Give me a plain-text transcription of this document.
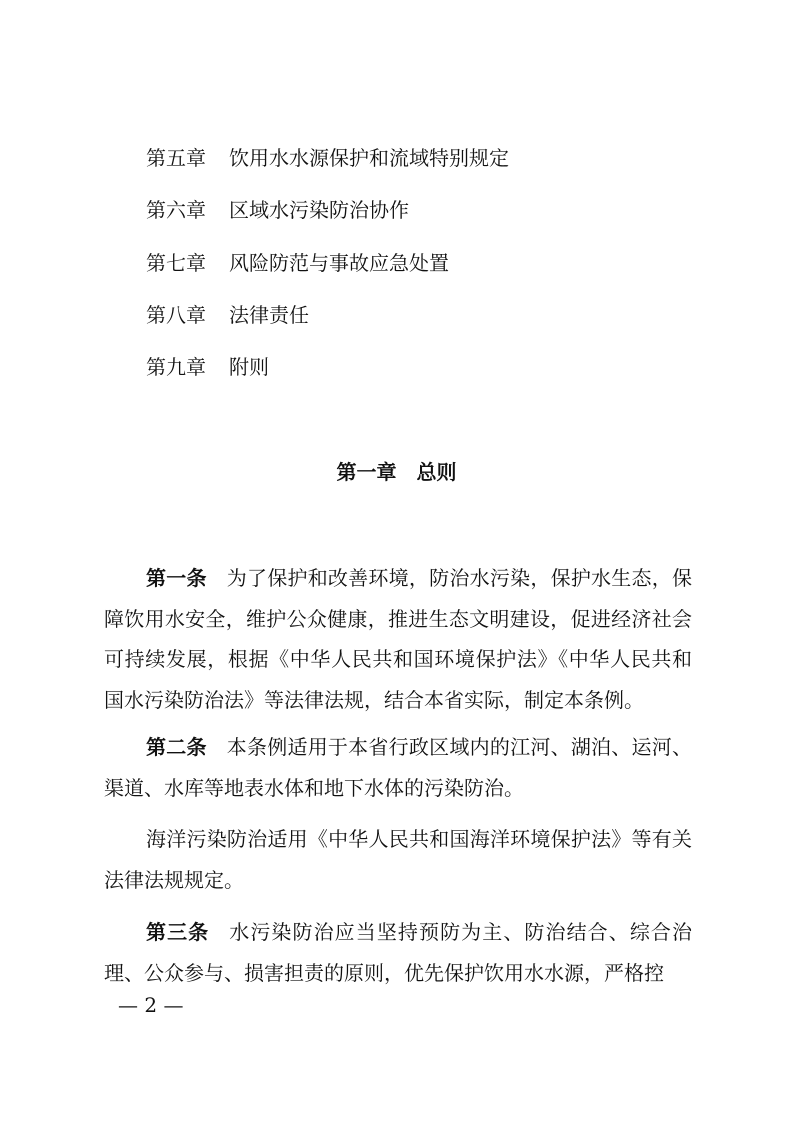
第五章 饮用水水源保护和流域特别规定
第六章 区域水污染防治协作
第七章 风险防范与事故应急处置
第八章 法律责任
第九章 附则
第一章　总则

第一条 为了保护和改善环境，防治水污染，保护水生态，保障饮用水安全，维护公众健康，推进生态文明建设，促进经济社会可持续发展，根据《中华人民共和国环境保护法》《中华人民共和国水污染防治法》等法律法规，结合本省实际，制定本条例。

第二条 本条例适用于本省行政区域内的江河、湖泊、运河、渠道、水库等地表水体和地下水体的污染防治。

海洋污染防治适用《中华人民共和国海洋环境保护法》等有关法律法规规定。

第三条 水污染防治应当坚持预防为主、防治结合、综合治理、公众参与、损害担责的原则，优先保护饮用水水源，严格控

— 2 —
